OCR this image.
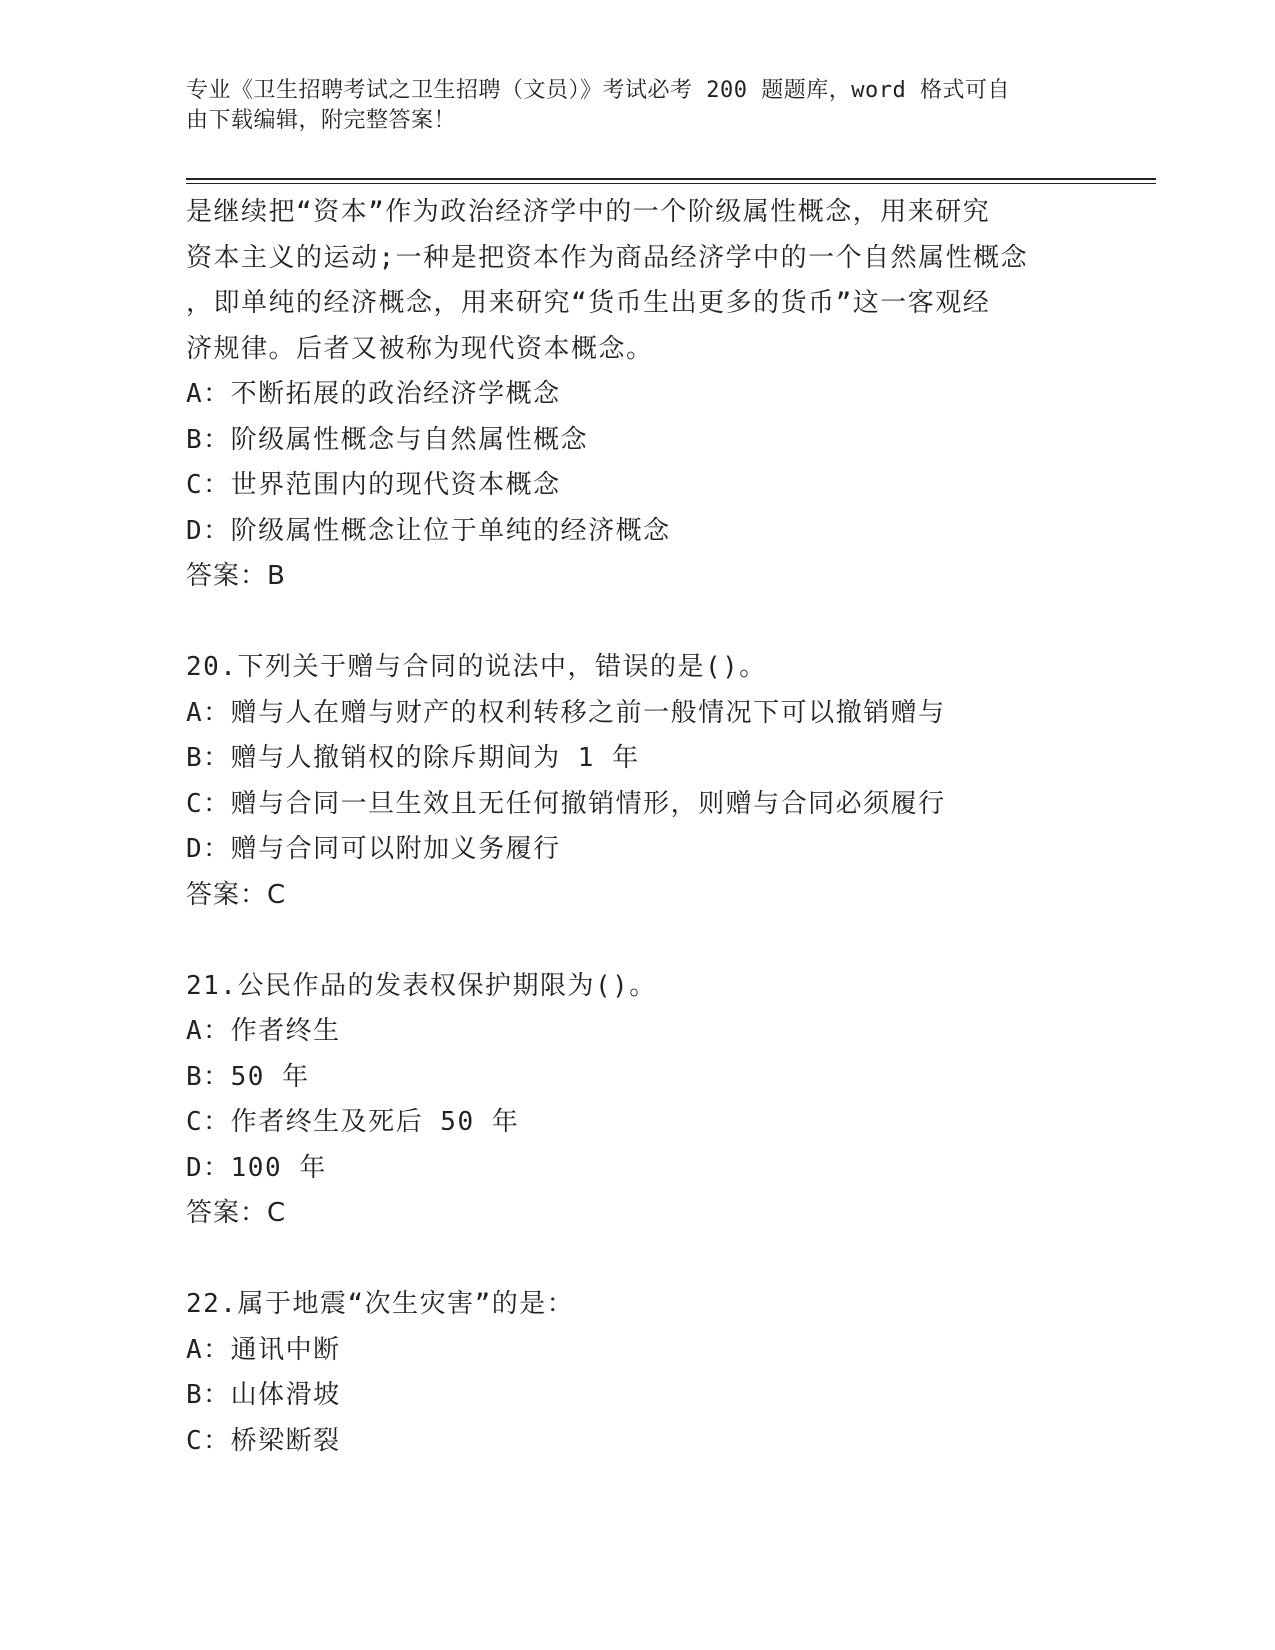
专业《卫生招聘考试之卫生招聘（文员）》考试必考 200 题题库，word 格式可自
由下载编辑，附完整答案！
是继续把“资本”作为政治经济学中的一个阶级属性概念，用来研究
资本主义的运动;一种是把资本作为商品经济学中的一个自然属性概念
，即单纯的经济概念，用来研究“货币生出更多的货币”这一客观经
济规律。后者又被称为现代资本概念。
A：不断拓展的政治经济学概念
B：阶级属性概念与自然属性概念
C：世界范围内的现代资本概念
D：阶级属性概念让位于单纯的经济概念
答案：B
20.下列关于赠与合同的说法中，错误的是()。
A：赠与人在赠与财产的权利转移之前一般情况下可以撤销赠与
B：赠与人撤销权的除斥期间为 1 年
C：赠与合同一旦生效且无任何撤销情形，则赠与合同必须履行
D：赠与合同可以附加义务履行
答案：C
21.公民作品的发表权保护期限为()。
A：作者终生
B：50 年
C：作者终生及死后 50 年
D：100 年
答案：C
22.属于地震“次生灾害”的是：
A：通讯中断
B：山体滑坡
C：桥梁断裂
